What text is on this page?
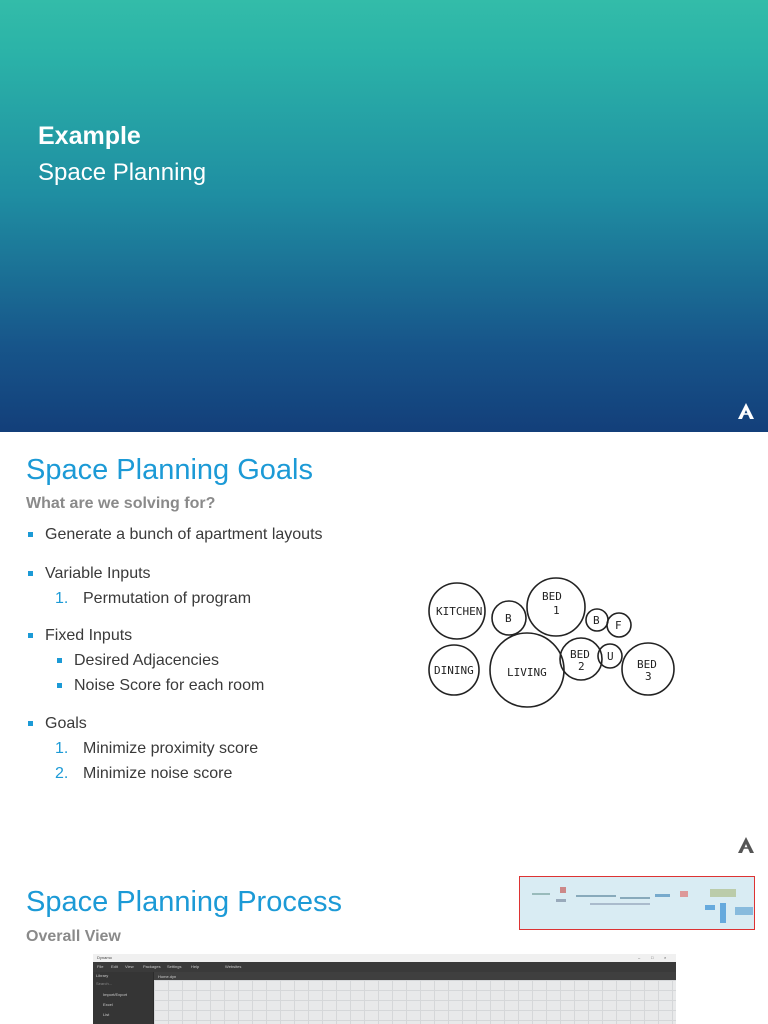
Example
Space Planning
Space Planning Goals
What are we solving for?
Generate a bunch of apartment layouts
Variable Inputs
1. Permutation of program
Fixed Inputs
Desired Adjacencies
Noise Score for each room
Goals
1. Minimize proximity score
2. Minimize noise score
KITCHEN
B
BED
1
B F
DINING	LIVING
BED
2
U
BED
3
Space Planning Process
Overall View
Dynamo	–	□	×
File Edit View Packages Settings Help	Websites
Library
Search...
Import/Export
Excel
List
Home.dyn
